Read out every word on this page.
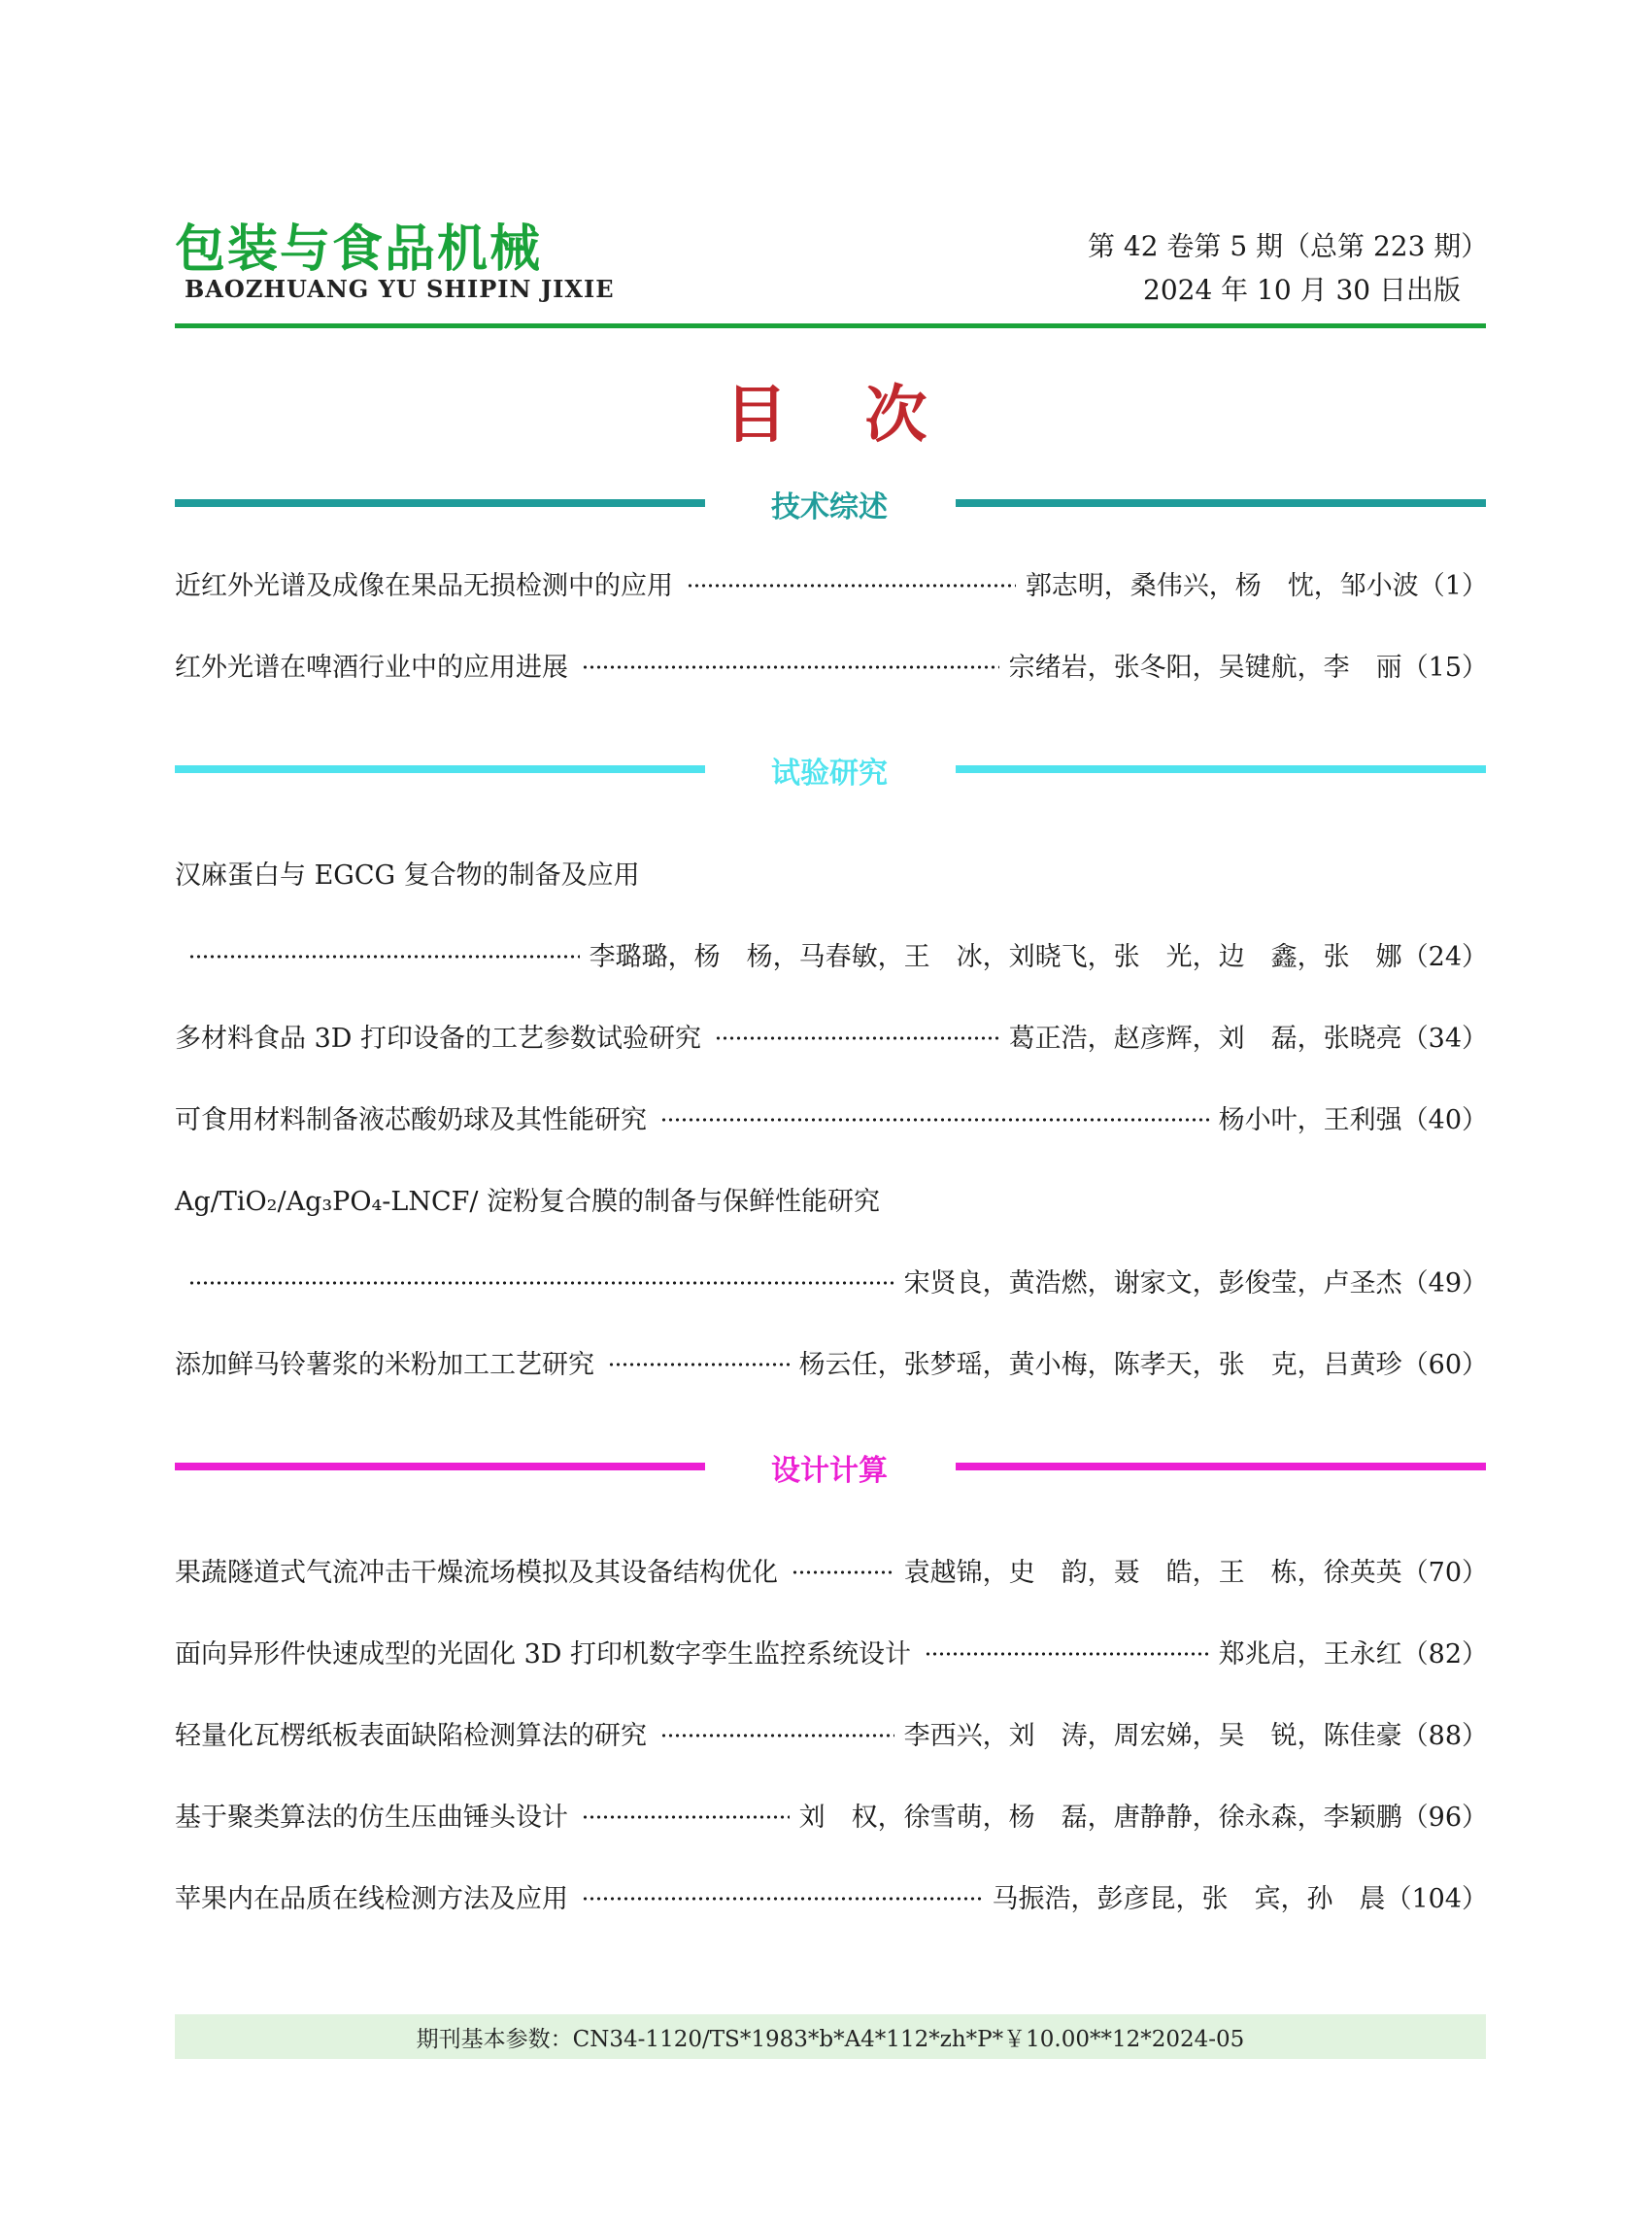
包装与食品机械
BAOZHUANG YU SHIPIN JIXIE
第 42 卷第 5 期（总第 223 期）
2024 年 10 月 30 日出版
目次
技术综述
近红外光谱及成像在果品无损检测中的应用	郭志明，桑伟兴，杨　忱，邹小波（1）
红外光谱在啤酒行业中的应用进展	宗绪岩，张冬阳，吴键航，李　丽（15）
试验研究
汉麻蛋白与 EGCG 复合物的制备及应用
李璐璐，杨　杨，马春敏，王　冰，刘晓飞，张　光，边　鑫，张　娜（24）
多材料食品 3D 打印设备的工艺参数试验研究	葛正浩，赵彦辉，刘　磊，张晓亮（34）
可食用材料制备液芯酸奶球及其性能研究	杨小叶，王利强（40）
Ag/TiO₂/Ag₃PO₄-LNCF/ 淀粉复合膜的制备与保鲜性能研究
宋贤良，黄浩燃，谢家文，彭俊莹，卢圣杰（49）
添加鲜马铃薯浆的米粉加工工艺研究	杨云任，张梦瑶，黄小梅，陈孝天，张　克，吕黄珍（60）
设计计算
果蔬隧道式气流冲击干燥流场模拟及其设备结构优化	袁越锦，史　韵，聂　皓，王　栋，徐英英（70）
面向异形件快速成型的光固化 3D 打印机数字孪生监控系统设计	郑兆启，王永红（82）
轻量化瓦楞纸板表面缺陷检测算法的研究	李西兴，刘　涛，周宏娣，吴　锐，陈佳豪（88）
基于聚类算法的仿生压曲锤头设计	刘　权，徐雪萌，杨　磊，唐静静，徐永森，李颖鹏（96）
苹果内在品质在线检测方法及应用	马振浩，彭彦昆，张　宾，孙　晨（104）
期刊基本参数：CN34-1120/TS*1983*b*A4*112*zh*P*￥10.00**12*2024-05
